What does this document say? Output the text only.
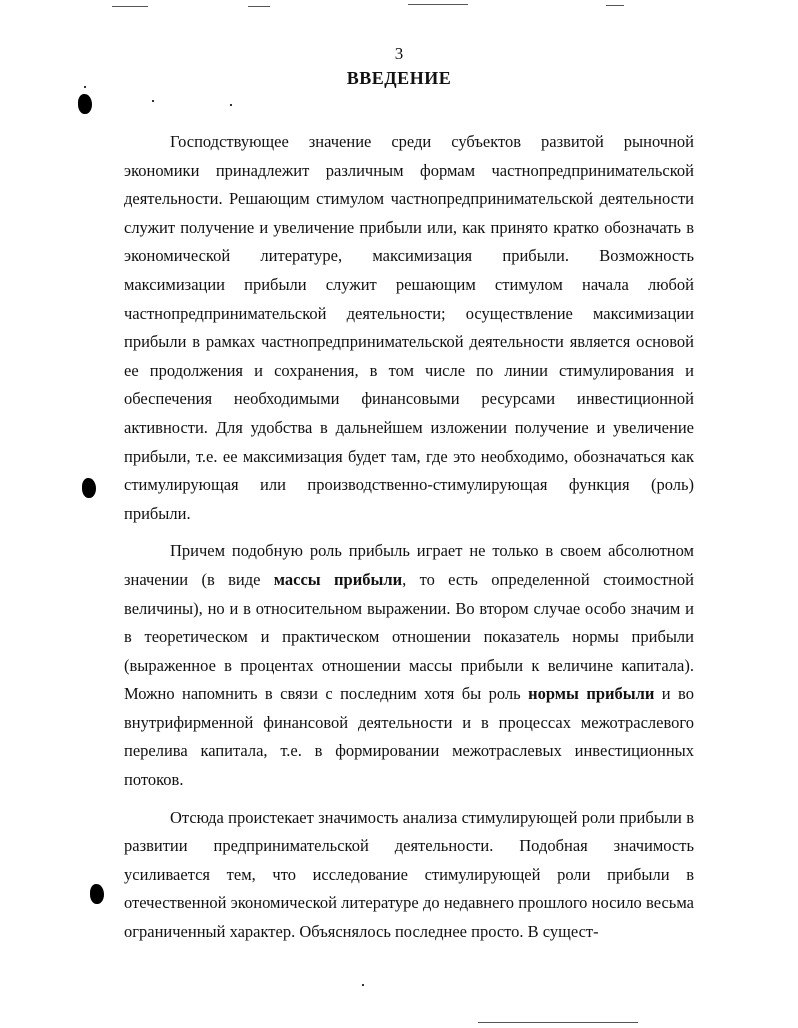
3
ВВЕДЕНИЕ

Господствующее значение среди субъектов развитой рыночной экономики принадлежит различным формам частнопредпринимательской деятельности. Решающим стимулом частнопредпринимательской деятельности служит получение и увеличение прибыли или, как принято кратко обозначать в экономической литературе, максимизация прибыли. Возможность максимизации прибыли служит решающим стимулом начала любой частнопредпринимательской деятельности; осуществление максимизации прибыли в рамках частнопредпринимательской деятельности является основой ее продолжения и сохранения, в том числе по линии стимулирования и обеспечения необходимыми финансовыми ресурсами инвестиционной активности. Для удобства в дальнейшем изложении получение и увеличение прибыли, т.е. ее максимизация будет там, где это необходимо, обозначаться как стимулирующая или производственно-стимулирующая функция (роль) прибыли.

Причем подобную роль прибыль играет не только в своем абсолютном значении (в виде массы прибыли, то есть определенной стоимостной величины), но и в относительном выражении. Во втором случае особо значим и в теоретическом и практическом отношении показатель нормы прибыли (выраженное в процентах отношении массы прибыли к величине капитала). Можно напомнить в связи с последним хотя бы роль нормы прибыли и во внутрифирменной финансовой деятельности и в процессах межотраслевого перелива капитала, т.е. в формировании межотраслевых инвестиционных потоков.

Отсюда проистекает значимость анализа стимулирующей роли прибыли в развитии предпринимательской деятельности. Подобная значимость усиливается тем, что исследование стимулирующей роли прибыли в отечественной экономической литературе до недавнего прошлого носило весьма ограниченный характер. Объяснялось последнее просто. В сущест-
